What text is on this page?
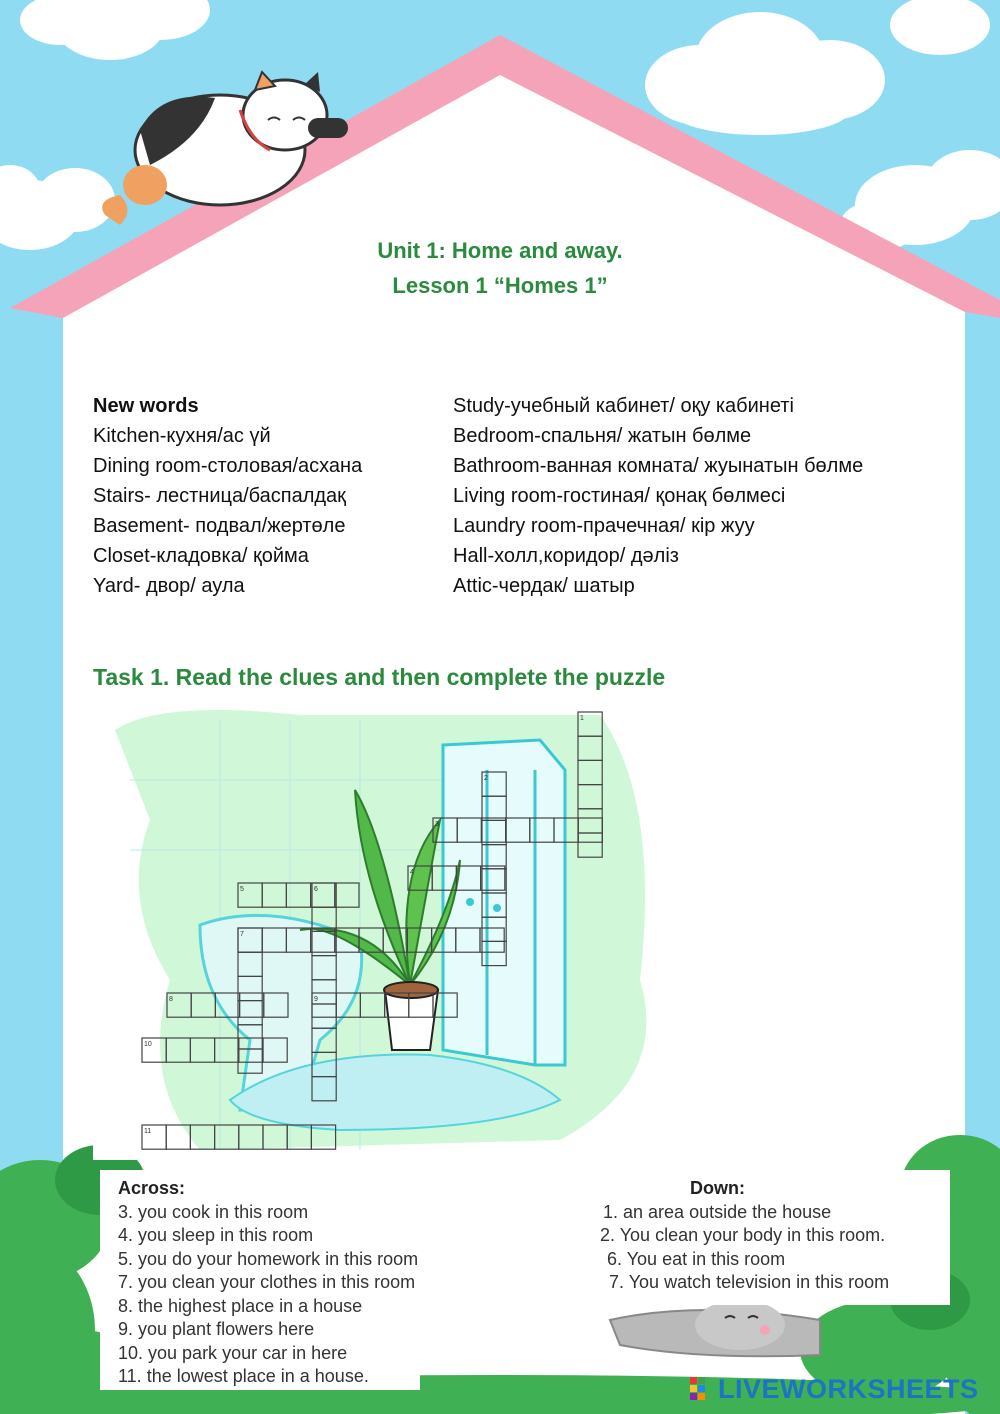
1
2
3
4
5	6
7
8	9
10
11
Unit 1: Home and away.
Lesson 1 “Homes 1”
New words
Kitchen-кухня/ас үй
Dining room-столовая/асхана
Stairs- лестница/баспалдақ
Basement- подвал/жертөле
Closet-кладовка/ қойма
Yard- двор/ аула
Study-учебный кабинет/ оқу кабинеті
Bedroom-спальня/ жатын бөлме
Bathroom-ванная комната/ жуынатын бөлме
Living room-гостиная/ қонақ бөлмесі
Laundry room-прачечная/ кір жуу
Hall-холл,коридор/ дәліз
Attic-чердак/ шатыр
Task 1. Read the clues and then complete the puzzle
Across:
3. you cook in this room
4. you sleep in this room
5. you do your homework in this room
7. you clean your clothes in this room
8. the highest place in a house
9. you plant flowers here
10. you park your car in here
11. the lowest place in a house.
Down:
1. an area outside the house
2. You clean your body in this room.
6. You eat in this room
7. You watch television in this room
LIVEWORKSHEETS
